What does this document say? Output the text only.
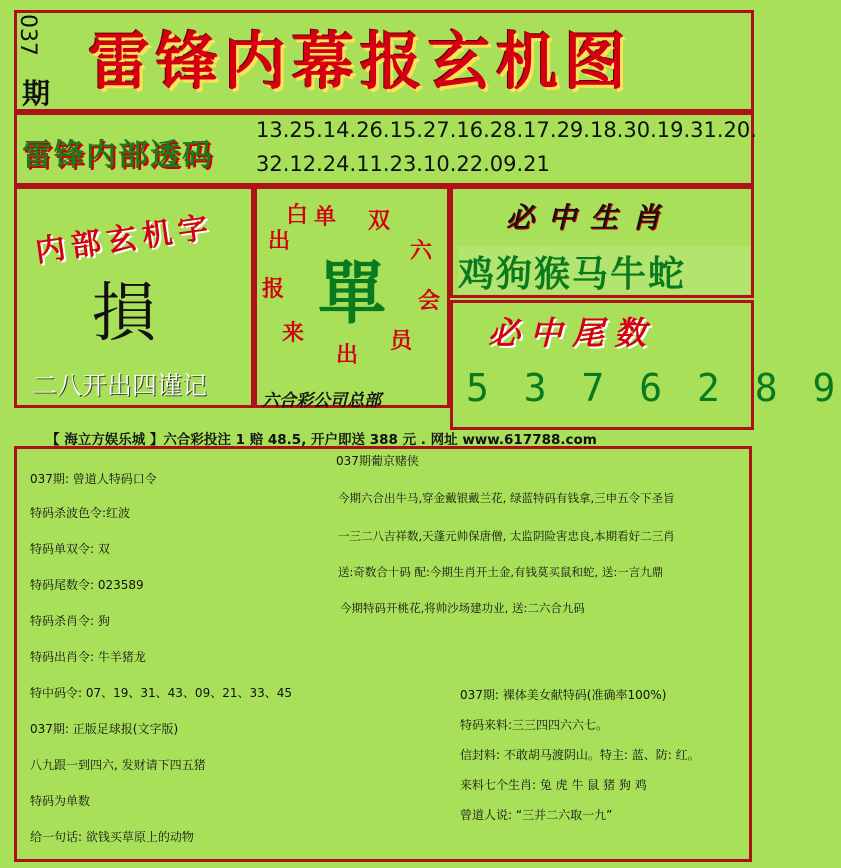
037
期 雷锋内幕报玄机图
雷锋内部透码
13.25.14.26.15.27.16.28.17.29.18.30.19.31.20.
32.12.24.11.23.10.22.09.21
内部玄机字
損
二八开出四谨记
出
单 双
六
会
员
出
来
报
白
單
六合彩公司总部
必中生肖
鸡狗猴马牛蛇
必中尾数
5 3 7 6 2 8 9
【 海立方娱乐城 】六合彩投注 1 赔 48.5, 开户即送 388 元 . 网址 www.617788.com
037期: 曾道人特码口令
特码杀波色令:红波
特码单双令: 双
特码尾数令: 023589
特码杀肖令: 狗
特码出肖令: 牛羊猪龙
特中码令: 07、19、31、43、09、21、33、45
037期: 正版足球报(文字版)
八九跟一到四六, 发财请下四五猪
特码为单数
给一句话: 欲钱买草原上的动物
037期葡京赌侠
今期六合出牛马,穿金戴银戴兰花, 绿蓝特码有钱拿,三申五令下圣旨
一三二八吉祥数,天蓬元帅保唐僧, 太监阴险害忠良,本期看好二三肖
送:奇数合十码 配:今期生肖开土金,有钱莫买鼠和蛇, 送:一言九鼎
今期特码开桃花,将帅沙场建功业, 送:二六合九码
037期: 裸体美女献特码(准确率100%)
特码来料:三三四四六六七。
信封料: 不敢胡马渡阴山。特主: 蓝、防: 红。
来料七个生肖: 兔 虎 牛 鼠 猪 狗 鸡
曾道人说: “三并二六取一九”
